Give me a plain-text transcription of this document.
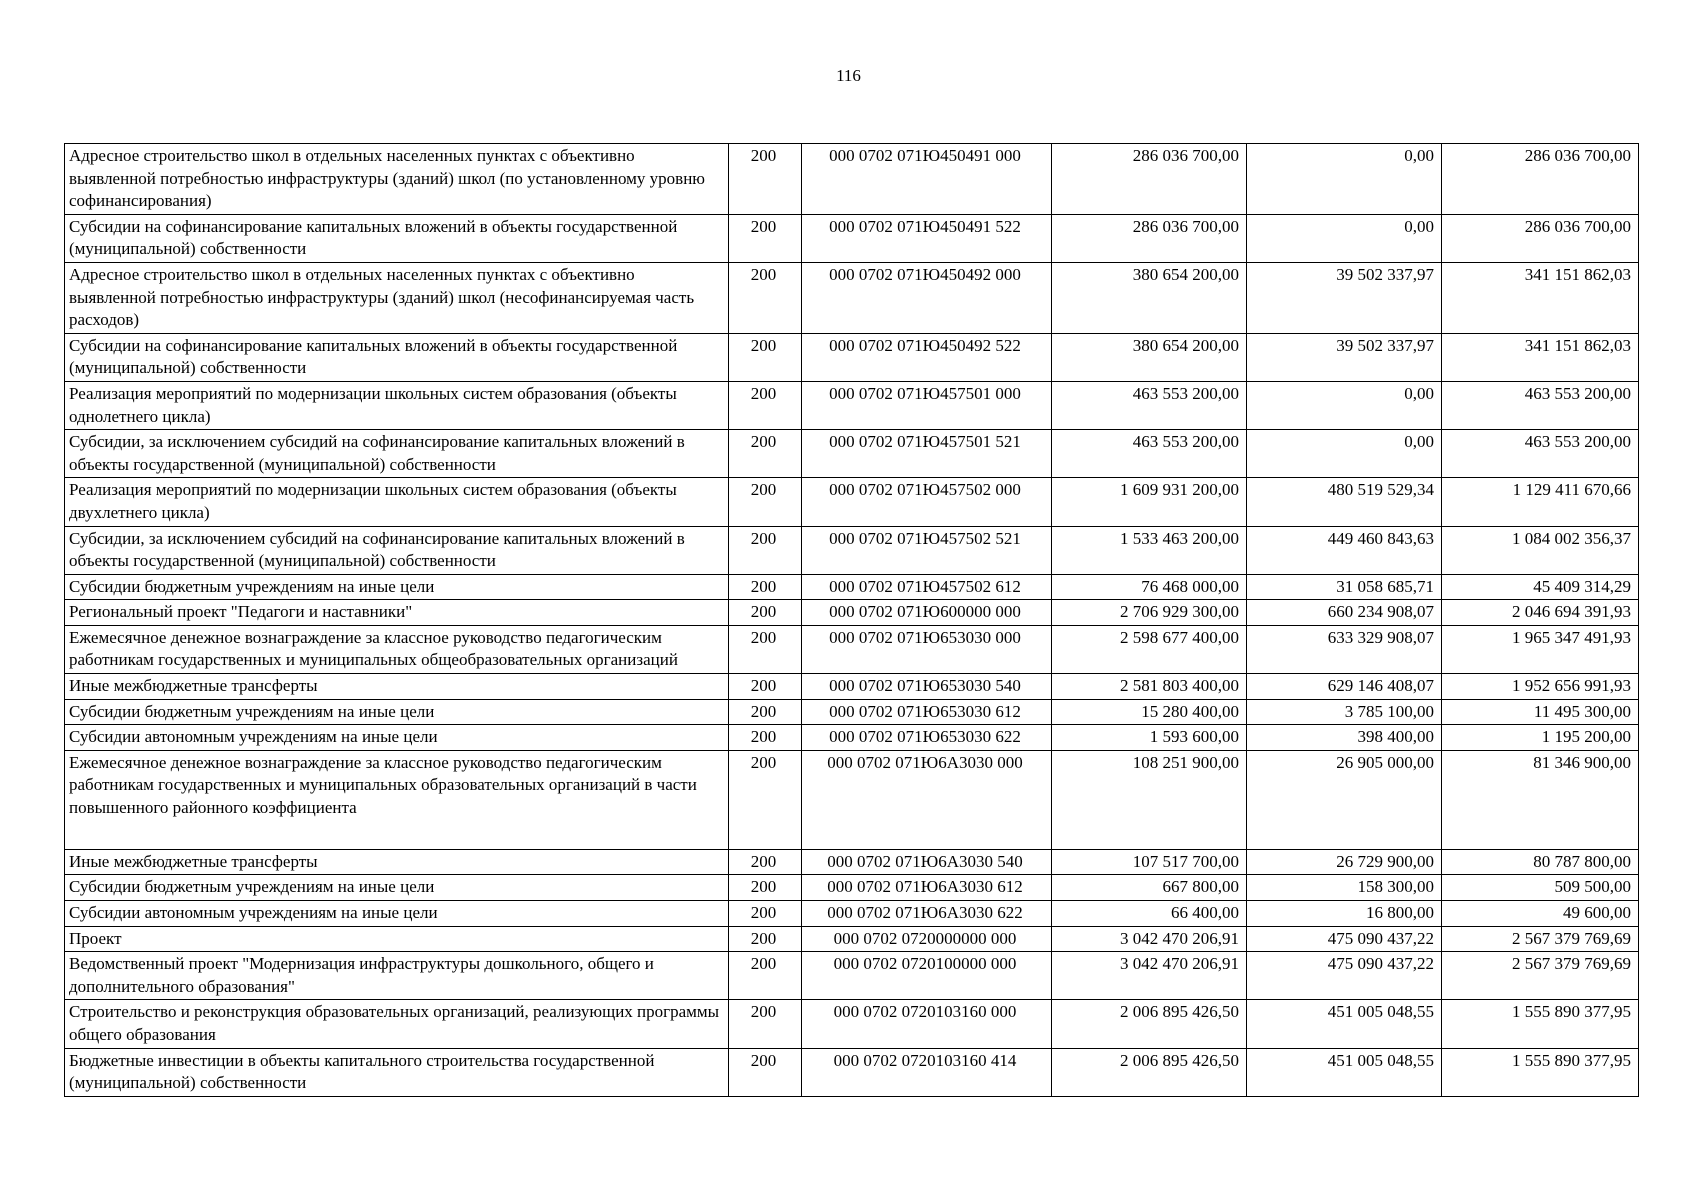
116
Адресное строительство школ в отдельных населенных пунктах с объективно выявленной потребностью инфраструктуры (зданий) школ (по установленному уровню софинансирования)	200	000 0702 071Ю450491 000	286 036 700,00	0,00	286 036 700,00
Субсидии на софинансирование капитальных вложений в объекты государственной (муниципальной) собственности	200	000 0702 071Ю450491 522	286 036 700,00	0,00	286 036 700,00
Адресное строительство школ в отдельных населенных пунктах с объективно выявленной потребностью инфраструктуры (зданий) школ (несофинансируемая часть расходов)	200	000 0702 071Ю450492 000	380 654 200,00	39 502 337,97	341 151 862,03
Субсидии на софинансирование капитальных вложений в объекты государственной (муниципальной) собственности	200	000 0702 071Ю450492 522	380 654 200,00	39 502 337,97	341 151 862,03
Реализация мероприятий по модернизации школьных систем образования (объекты однолетнего цикла)	200	000 0702 071Ю457501 000	463 553 200,00	0,00	463 553 200,00
Субсидии, за исключением субсидий на софинансирование капитальных вложений в объекты государственной (муниципальной) собственности	200	000 0702 071Ю457501 521	463 553 200,00	0,00	463 553 200,00
Реализация мероприятий по модернизации школьных систем образования (объекты двухлетнего цикла)	200	000 0702 071Ю457502 000	1 609 931 200,00	480 519 529,34	1 129 411 670,66
Субсидии, за исключением субсидий на софинансирование капитальных вложений в объекты государственной (муниципальной) собственности	200	000 0702 071Ю457502 521	1 533 463 200,00	449 460 843,63	1 084 002 356,37
Субсидии бюджетным учреждениям на иные цели	200	000 0702 071Ю457502 612	76 468 000,00	31 058 685,71	45 409 314,29
Региональный проект "Педагоги и наставники"	200	000 0702 071Ю600000 000	2 706 929 300,00	660 234 908,07	2 046 694 391,93
Ежемесячное денежное вознаграждение за классное руководство педагогическим работникам государственных и муниципальных общеобразовательных организаций	200	000 0702 071Ю653030 000	2 598 677 400,00	633 329 908,07	1 965 347 491,93
Иные межбюджетные трансферты	200	000 0702 071Ю653030 540	2 581 803 400,00	629 146 408,07	1 952 656 991,93
Субсидии бюджетным учреждениям на иные цели	200	000 0702 071Ю653030 612	15 280 400,00	3 785 100,00	11 495 300,00
Субсидии автономным учреждениям на иные цели	200	000 0702 071Ю653030 622	1 593 600,00	398 400,00	1 195 200,00
Ежемесячное денежное вознаграждение за классное руководство педагогическим работникам государственных и муниципальных образовательных организаций в части повышенного районного коэффициента	200	000 0702 071Ю6А3030 000	108 251 900,00	26 905 000,00	81 346 900,00
Иные межбюджетные трансферты	200	000 0702 071Ю6А3030 540	107 517 700,00	26 729 900,00	80 787 800,00
Субсидии бюджетным учреждениям на иные цели	200	000 0702 071Ю6А3030 612	667 800,00	158 300,00	509 500,00
Субсидии автономным учреждениям на иные цели	200	000 0702 071Ю6А3030 622	66 400,00	16 800,00	49 600,00
Проект	200	000 0702 0720000000 000	3 042 470 206,91	475 090 437,22	2 567 379 769,69
Ведомственный проект "Модернизация инфраструктуры дошкольного, общего и дополнительного образования"	200	000 0702 0720100000 000	3 042 470 206,91	475 090 437,22	2 567 379 769,69
Строительство и реконструкция образовательных организаций, реализующих программы общего образования	200	000 0702 0720103160 000	2 006 895 426,50	451 005 048,55	1 555 890 377,95
Бюджетные инвестиции в объекты капитального строительства государственной (муниципальной) собственности	200	000 0702 0720103160 414	2 006 895 426,50	451 005 048,55	1 555 890 377,95
